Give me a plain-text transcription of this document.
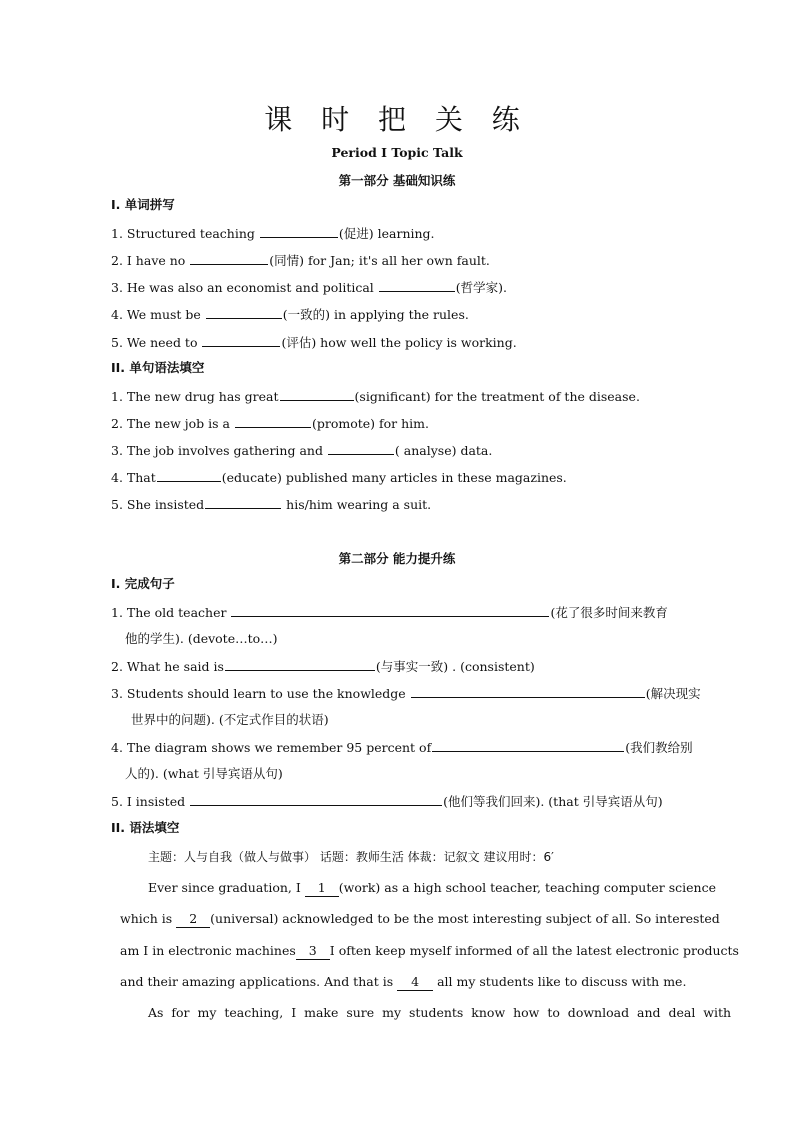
课 时 把 关 练
Period I Topic Talk
第一部分 基础知识练
I. 单词拼写
1. Structured teaching	(促进) learning.
2. I have no	(同情) for Jan; it's all her own fault.
3. He was also an economist and political	(哲学家).
4. We must be	(一致的) in applying the rules.
5. We need to	(评估) how well the policy is working.
II. 单句语法填空
1. The new drug has great	(significant) for the treatment of the disease.
2. The new job is a	(promote) for him.
3. The job involves gathering and	( analyse) data.
4. That	(educate) published many articles in these magazines.
5. She insisted	his/him wearing a suit.
第二部分 能力提升练
I. 完成句子
1. The old teacher	(花了很多时间来教育
他的学生). (devote…to…)
2. What he said is	(与事实一致) . (consistent)
3. Students should learn to use the knowledge	(解决现实
世界中的问题). (不定式作目的状语)
4. The diagram shows we remember 95 percent of	(我们教给别
人的). (what 引导宾语从句)
5. I insisted	(他们等我们回来). (that 引导宾语从句)
II. 语法填空
主题：人与自我（做人与做事） 话题：教师生活 体裁：记叙文 建议用时：6′
Ever since graduation, I 1 (work) as a high school teacher, teaching computer science
which is 2 (universal) acknowledged to be the most interesting subject of all. So interested
am I in electronic machines 3 I often keep myself informed of all the latest electronic products
and their amazing applications. And that is 4 all my students like to discuss with me.
As  for  my  teaching,  I  make  sure  my  students  know  how  to  download  and  deal  with
